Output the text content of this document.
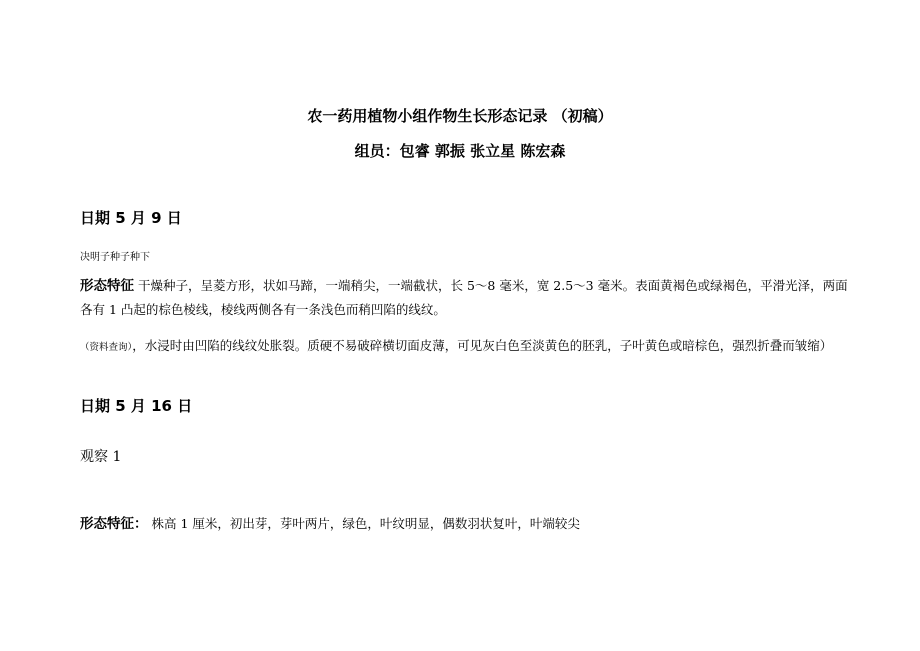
农一药用植物小组作物生长形态记录 （初稿）
组员：包睿 郭振 张立星 陈宏森
日期 5 月 9 日
决明子种子种下
形态特征 干燥种子，呈菱方形，状如马蹄，一端稍尖，一端截状，长 5～8 毫米，宽 2.5～3 毫米。表面黄褐色或绿褐色，平滑光泽，两面各有 1 凸起的棕色棱线，棱线两侧各有一条浅色而稍凹陷的线纹。
（资料查询），水浸时由凹陷的线纹处胀裂。质硬不易破碎横切面皮薄，可见灰白色至淡黄色的胚乳，子叶黄色或暗棕色，强烈折叠而皱缩）
日期 5 月 16 日
观察 1
形态特征： 株高 1 厘米，初出芽，芽叶两片，绿色，叶纹明显，偶数羽状复叶，叶端较尖
